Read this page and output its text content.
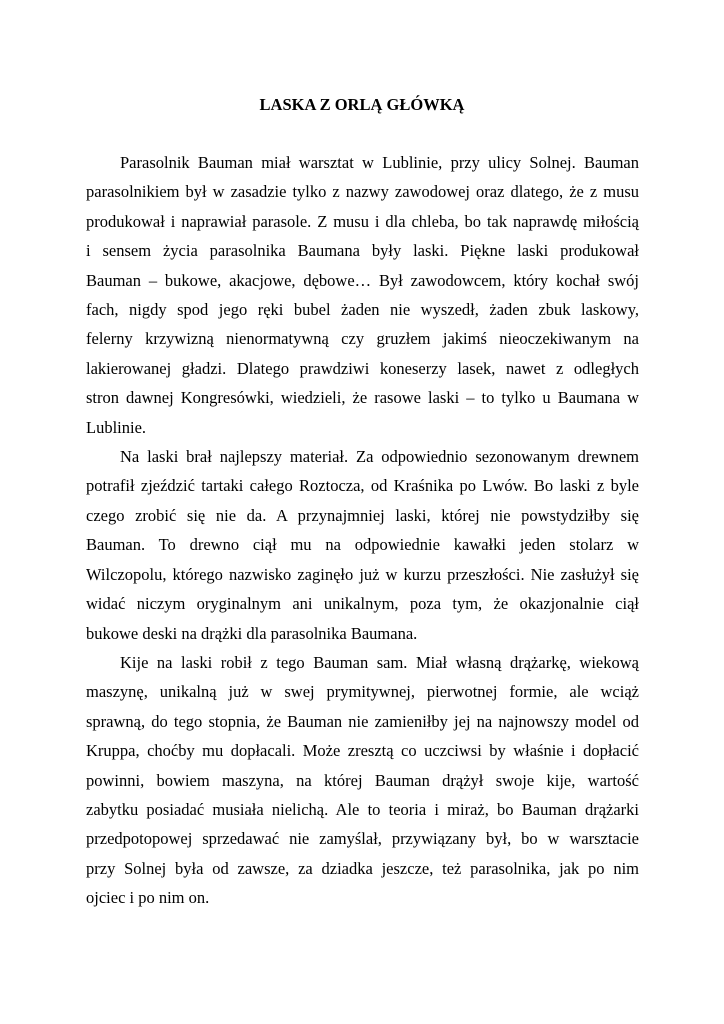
LASKA Z ORLĄ GŁÓWKĄ

Parasolnik Bauman miał warsztat w Lublinie, przy ulicy Solnej. Bauman
parasolnikiem był w zasadzie tylko z nazwy zawodowej oraz dlatego, że z musu
produkował i naprawiał parasole. Z musu i dla chleba, bo tak naprawdę miłością
i sensem życia parasolnika Baumana były laski. Piękne laski produkował
Bauman – bukowe, akacjowe, dębowe… Był zawodowcem, który kochał swój
fach, nigdy spod jego ręki bubel żaden nie wyszedł, żaden zbuk laskowy,
felerny krzywizną nienormatywną czy gruzłem jakimś nieoczekiwanym na
lakierowanej gładzi. Dlatego prawdziwi koneserzy lasek, nawet z odległych
stron dawnej Kongresówki, wiedzieli, że rasowe laski – to tylko u Baumana w
Lublinie.

Na laski brał najlepszy materiał. Za odpowiednio sezonowanym drewnem
potrafił zjeździć tartaki całego Roztocza, od Kraśnika po Lwów. Bo laski z byle
czego zrobić się nie da. A przynajmniej laski, której nie powstydziłby się
Bauman. To drewno ciął mu na odpowiednie kawałki jeden stolarz w
Wilczopolu, którego nazwisko zaginęło już w kurzu przeszłości. Nie zasłużył się
widać niczym oryginalnym ani unikalnym, poza tym, że okazjonalnie ciął
bukowe deski na drążki dla parasolnika Baumana.

Kije na laski robił z tego Bauman sam. Miał własną drążarkę, wiekową
maszynę, unikalną już w swej prymitywnej, pierwotnej formie, ale wciąż
sprawną, do tego stopnia, że Bauman nie zamieniłby jej na najnowszy model od
Kruppa, choćby mu dopłacali. Może zresztą co uczciwsi by właśnie i dopłacić
powinni, bowiem maszyna, na której Bauman drążył swoje kije, wartość
zabytku posiadać musiała nielichą. Ale to teoria i miraż, bo Bauman drążarki
przedpotopowej sprzedawać nie zamyślał, przywiązany był, bo w warsztacie
przy Solnej była od zawsze, za dziadka jeszcze, też parasolnika, jak po nim
ojciec i po nim on.
